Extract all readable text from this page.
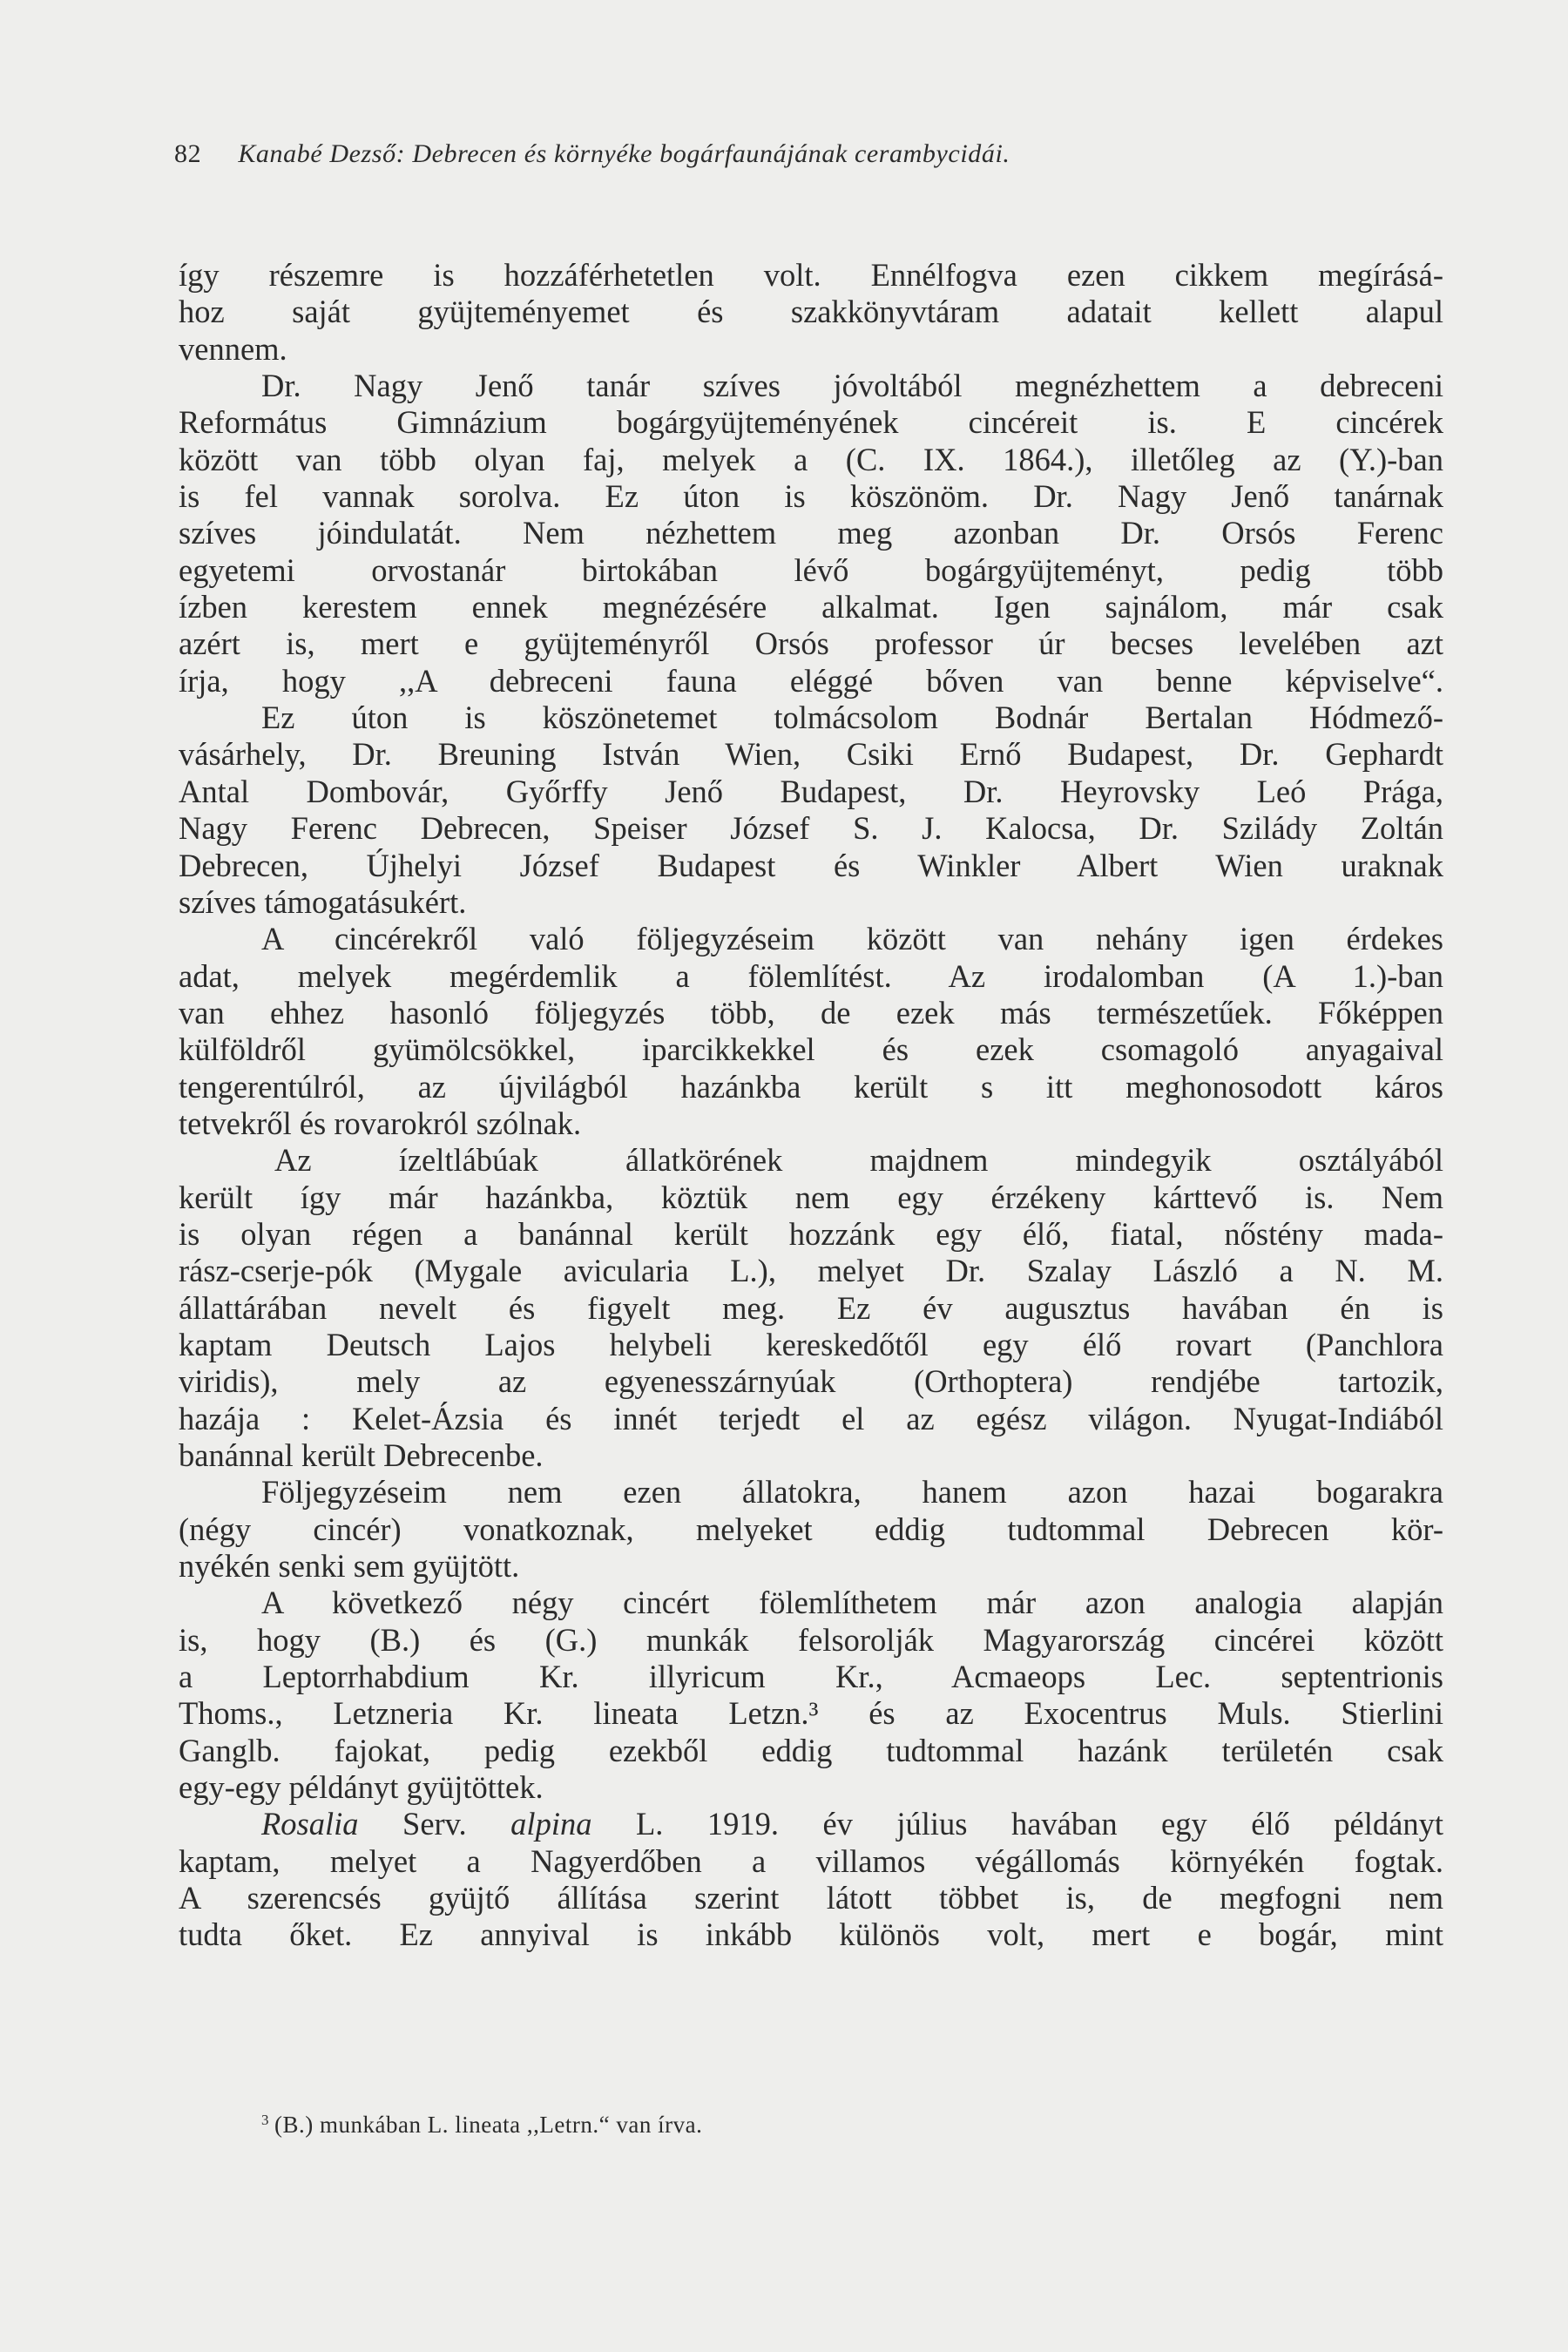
82 Kanabé Dezső: Debrecen és környéke bogárfaunájának cerambycidái.
így részemre is hozzáférhetetlen volt. Ennélfogva ezen cikkem megírásá-
hoz saját gyüjteményemet és szakkönyvtáram adatait kellett alapul
vennem.
Dr. Nagy Jenő tanár szíves jóvoltából megnézhettem a debreceni
Református Gimnázium bogárgyüjteményének cincéreit is. E cincérek
között van több olyan faj, melyek a (C. IX. 1864.), illetőleg az (Y.)-ban
is fel vannak sorolva. Ez úton is köszönöm. Dr. Nagy Jenő tanárnak
szíves jóindulatát. Nem nézhettem meg azonban Dr. Orsós Ferenc
egyetemi orvostanár birtokában lévő bogárgyüjteményt, pedig több
ízben kerestem ennek megnézésére alkalmat. Igen sajnálom, már csak
azért is, mert e gyüjteményről Orsós professor úr becses levelében azt
írja, hogy ,,A debreceni fauna eléggé bőven van benne képviselve“.
Ez úton is köszönetemet tolmácsolom Bodnár Bertalan Hódmező-
vásárhely, Dr. Breuning István Wien, Csiki Ernő Budapest, Dr. Gephardt
Antal Dombovár, Győrffy Jenő Budapest, Dr. Heyrovsky Leó Prága,
Nagy Ferenc Debrecen, Speiser József S. J. Kalocsa, Dr. Szilády Zoltán
Debrecen, Újhelyi József Budapest és Winkler Albert Wien uraknak
szíves támogatásukért.
A cincérekről való följegyzéseim között van nehány igen érdekes
adat, melyek megérdemlik a fölemlítést. Az irodalomban (A 1.)-ban
van ehhez hasonló följegyzés több, de ezek más természetűek. Főképpen
külföldről gyümölcsökkel, iparcikkekkel és ezek csomagoló anyagaival
tengerentúlról, az újvilágból hazánkba került s itt meghonosodott káros
tetvekről és rovarokról szólnak.
Az ízeltlábúak állatkörének majdnem mindegyik osztályából
került így már hazánkba, köztük nem egy érzékeny kárttevő is. Nem
is olyan régen a banánnal került hozzánk egy élő, fiatal, nőstény mada-
rász-cserje-pók (Mygale avicularia L.), melyet Dr. Szalay László a N. M.
állattárában nevelt és figyelt meg. Ez év augusztus havában én is
kaptam Deutsch Lajos helybeli kereskedőtől egy élő rovart (Panchlora
viridis), mely az egyenesszárnyúak (Orthoptera) rendjébe tartozik,
hazája : Kelet-Ázsia és innét terjedt el az egész világon. Nyugat-Indiából
banánnal került Debrecenbe.
Följegyzéseim nem ezen állatokra, hanem azon hazai bogarakra
(négy cincér) vonatkoznak, melyeket eddig tudtommal Debrecen kör-
nyékén senki sem gyüjtött.
A következő négy cincért fölemlíthetem már azon analogia alapján
is, hogy (B.) és (G.) munkák felsorolják Magyarország cincérei között
a Leptorrhabdium Kr. illyricum Kr., Acmaeops Lec. septentrionis
Thoms., Letzneria Kr. lineata Letzn.³ és az Exocentrus Muls. Stierlini
Ganglb. fajokat, pedig ezekből eddig tudtommal hazánk területén csak
egy-egy példányt gyüjtöttek.
Rosalia Serv. alpina L. 1919. év július havában egy élő példányt
kaptam, melyet a Nagyerdőben a villamos végállomás környékén fogtak.
A szerencsés gyüjtő állítása szerint látott többet is, de megfogni nem
tudta őket. Ez annyival is inkább különös volt, mert e bogár, mint
$^3$ (B.) munkában L. lineata ,,Letrn.“ van írva.
